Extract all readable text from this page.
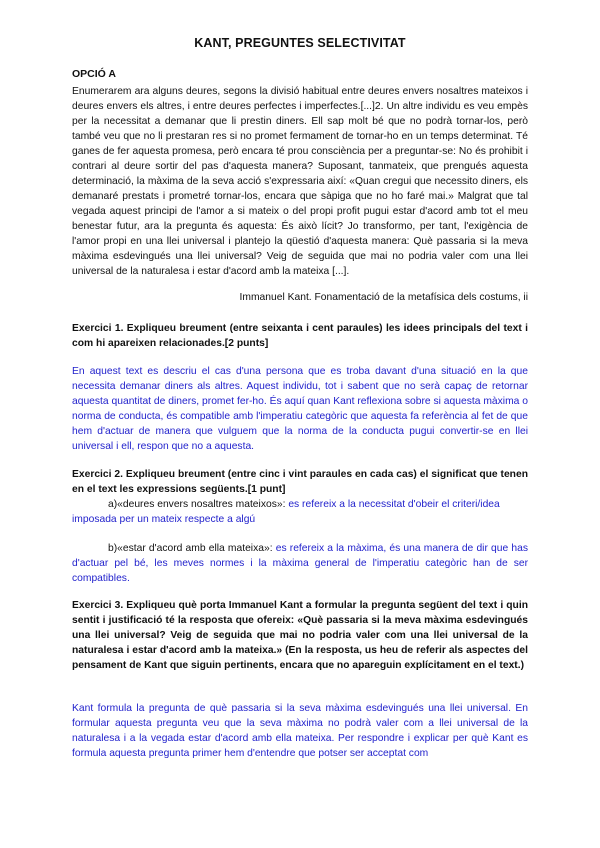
KANT, PREGUNTES SELECTIVITAT
OPCIÓ A

Enumerarem ara alguns deures, segons la divisió habitual entre deures envers nosaltres mateixos i deures envers els altres, i entre deures perfectes i imperfectes.[...]2. Un altre individu es veu empès per la necessitat a demanar que li prestin diners. Ell sap molt bé que no podrà tornar-los, però també veu que no li prestaran res si no promet fermament de tornar-ho en un temps determinat. Té ganes de fer aquesta promesa, però encara té prou consciència per a preguntar-se: No és prohibit i contrari al deure sortir del pas d'aquesta manera? Suposant, tanmateix, que prengués aquesta determinació, la màxima de la seva acció s'expressaria així: «Quan cregui que necessito diners, els demanaré prestats i prometré tornar-los, encara que sàpiga que no ho faré mai.» Malgrat que tal vegada aquest principi de l'amor a si mateix o del propi profit pugui estar d'acord amb tot el meu benestar futur, ara la pregunta és aquesta: És això lícit? Jo transformo, per tant, l'exigència de l'amor propi en una llei universal i plantejo la qüestió d'aquesta manera: Què passaria si la meva màxima esdevingués una llei universal? Veig de seguida que mai no podria valer com una llei universal de la naturalesa i estar d'acord amb la mateixa [...].

Immanuel Kant. Fonamentació de la metafísica dels costums, ii

Exercici 1. Expliqueu breument (entre seixanta i cent paraules) les idees principals del text i com hi apareixen relacionades.[2 punts]

En aquest text es descriu el cas d'una persona que es troba davant d'una situació en la que necessita demanar diners als altres. Aquest individu, tot i sabent que no serà capaç de retornar aquesta quantitat de diners, promet fer-ho. És aquí quan Kant reflexiona sobre si aquesta màxima o norma de conducta, és compatible amb l'imperatiu categòric que aquesta fa referència al fet de que hem d'actuar de manera que vulguem que la norma de la conducta pugui convertir-se en llei universal i ell, respon que no a aquesta.

Exercici 2. Expliqueu breument (entre cinc i vint paraules en cada cas) el significat que tenen en el text les expressions següents.[1 punt]

a)«deures envers nosaltres mateixos»: es refereix a la necessitat d'obeir el criteri/idea imposada per un mateix respecte a algú

b)«estar d'acord amb ella mateixa»: es refereix a la màxima, és una manera de dir que has d'actuar pel bé, les meves normes i la màxima general de l'imperatiu categòric han de ser compatibles.

Exercici 3. Expliqueu què porta Immanuel Kant a formular la pregunta següent del text i quin sentit i justificació té la resposta que ofereix: «Què passaria si la meva màxima esdevingués una llei universal? Veig de seguida que mai no podria valer com una llei universal de la naturalesa i estar d'acord amb la mateixa.» (En la resposta, us heu de referir als aspectes del pensament de Kant que siguin pertinents, encara que no apareguin explícitament en el text.)

Kant formula la pregunta de què passaria si la seva màxima esdevingués una llei universal. En formular aquesta pregunta veu que la seva màxima no podrà valer com a llei universal de la naturalesa i a la vegada estar d'acord amb ella mateixa. Per respondre i explicar per què Kant es formula aquesta pregunta primer hem d'entendre que potser ser acceptat com
